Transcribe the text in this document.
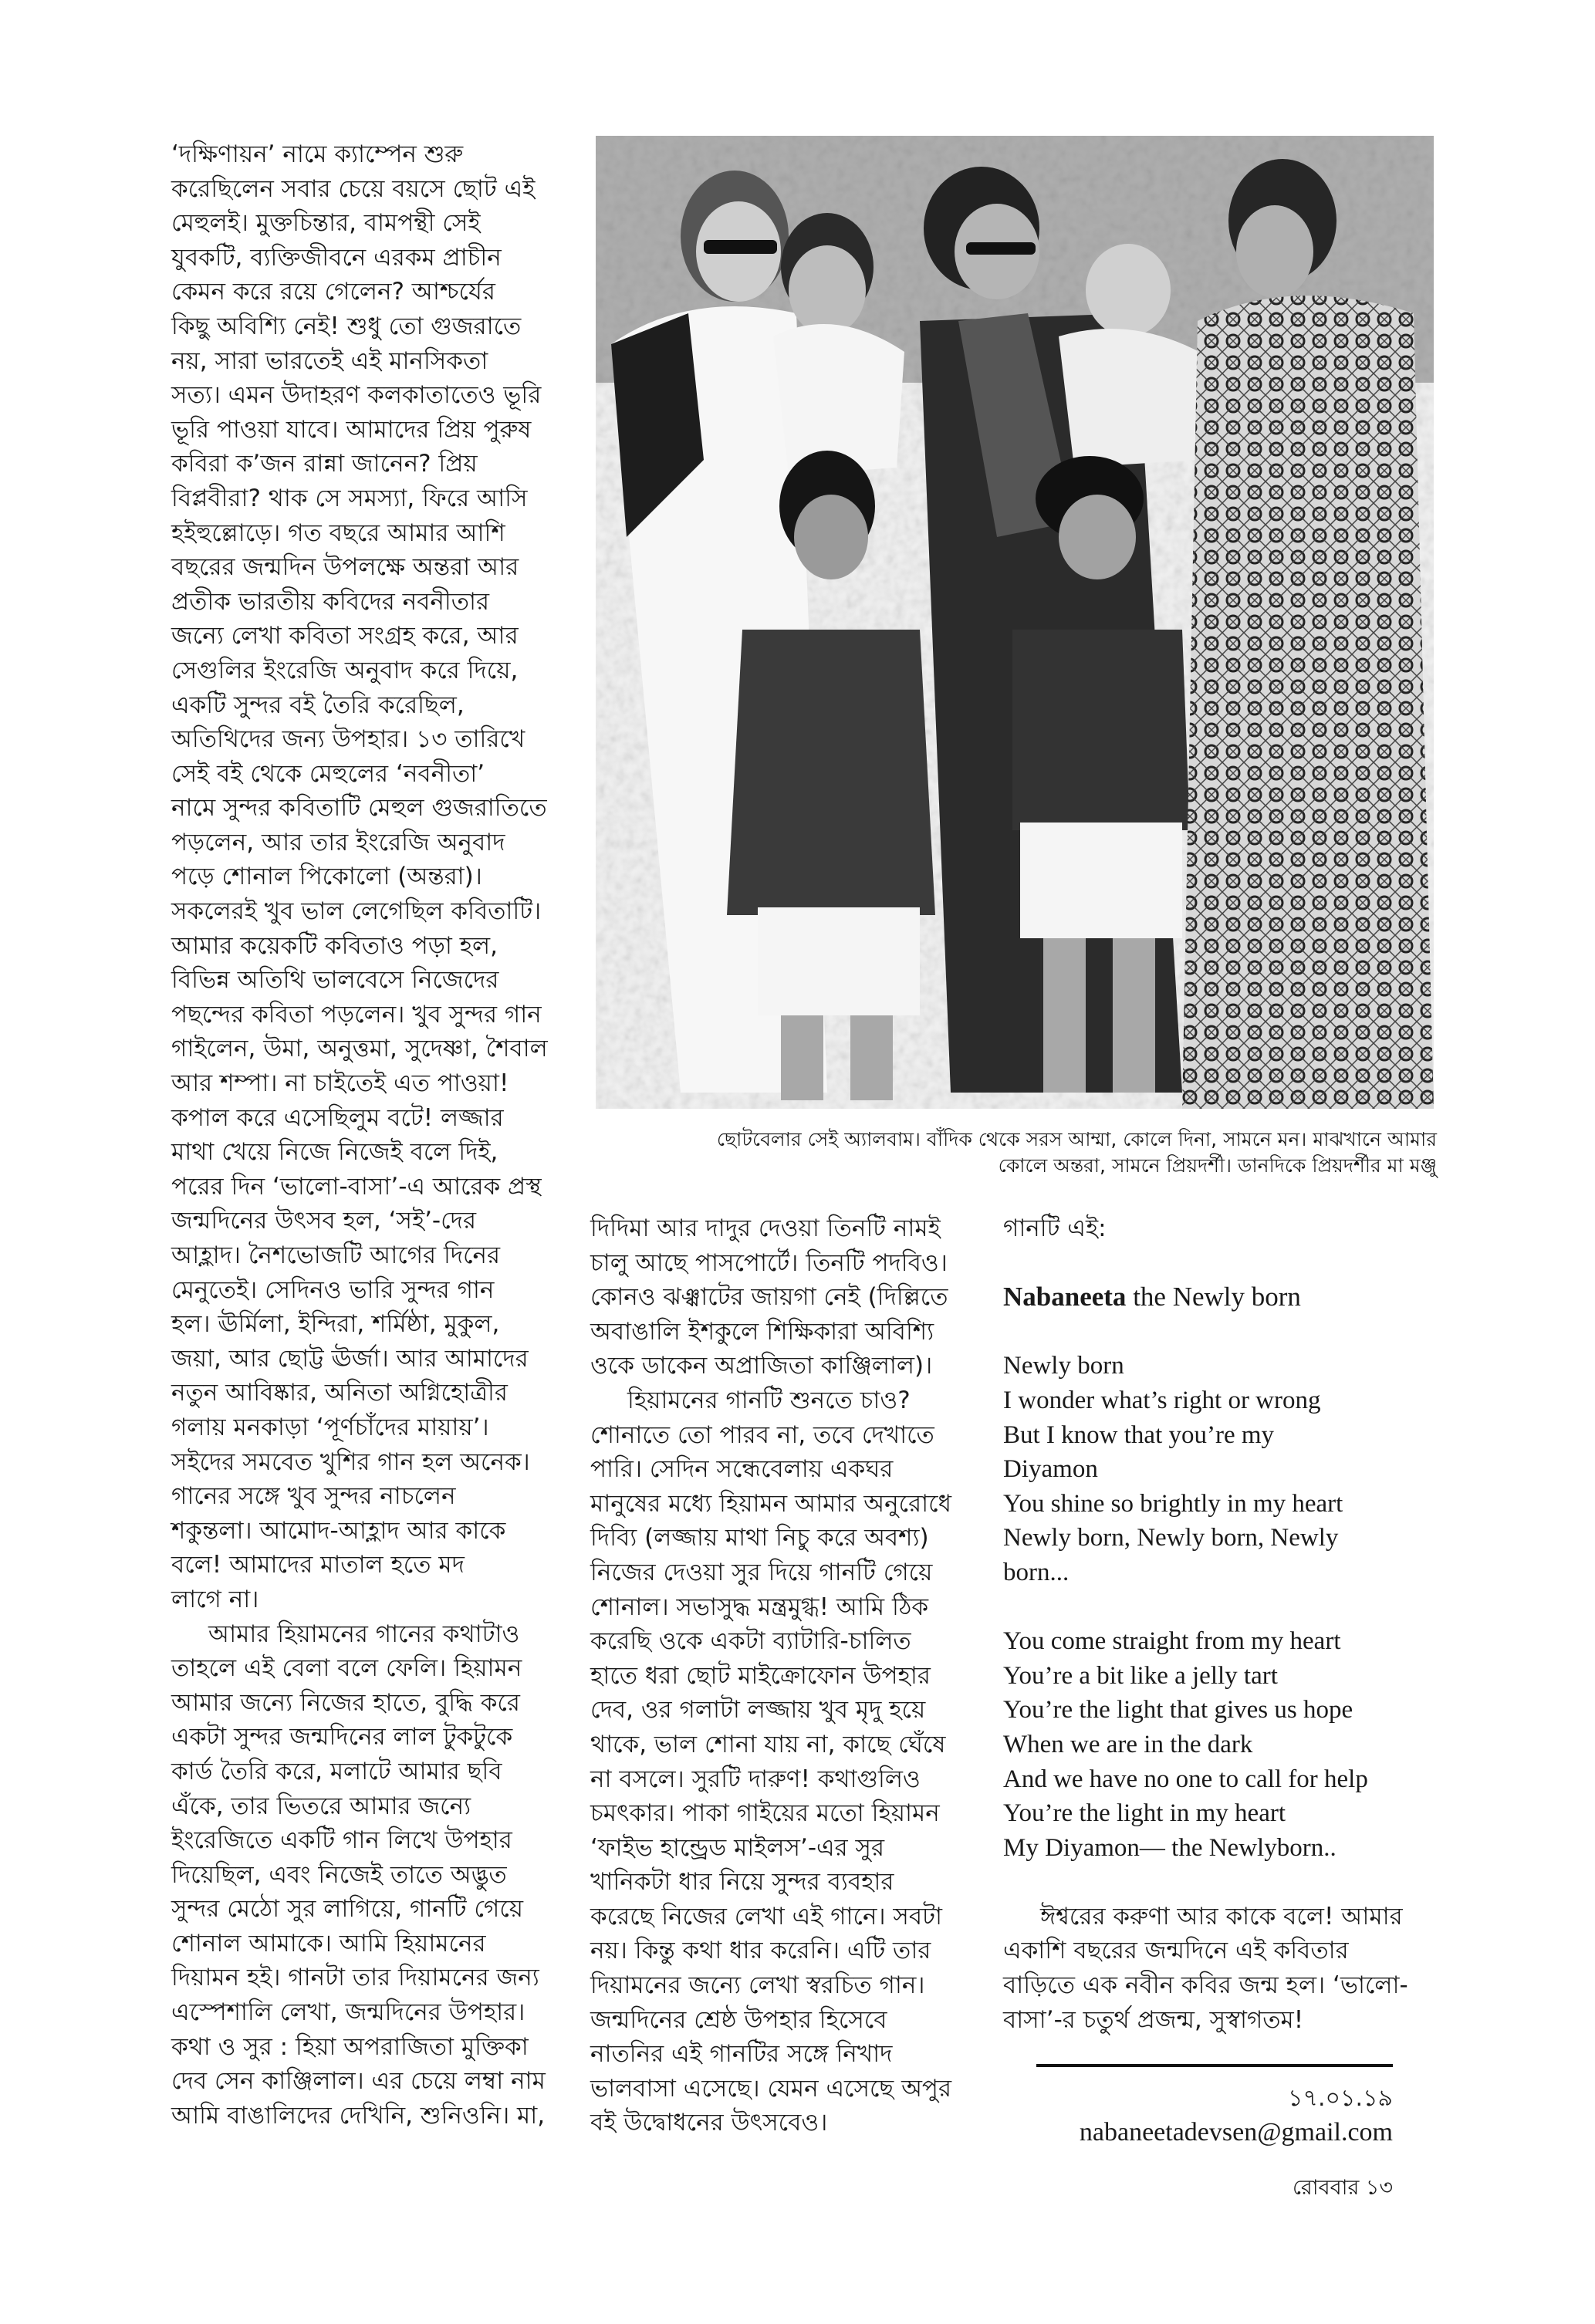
‘দক্ষিণায়ন’ নামে ক্যাম্পেন শুরু
করেছিলেন সবার চেয়ে বয়সে ছোট এই
মেহুলই। মুক্তচিন্তার, বামপন্থী সেই
যুবকটি, ব্যক্তিজীবনে এরকম প্রাচীন
কেমন করে রয়ে গেলেন? আশ্চর্যের
কিছু অবিশ্যি নেই! শুধু তো গুজরাতে
নয়, সারা ভারতেই এই মানসিকতা
সত্য। এমন উদাহরণ কলকাতাতেও ভূরি
ভূরি পাওয়া যাবে। আমাদের প্রিয় পুরুষ
কবিরা ক’জন রান্না জানেন? প্রিয়
বিপ্লবীরা? থাক সে সমস্যা, ফিরে আসি
হইহুল্লোড়ে। গত বছরে আমার আশি
বছরের জন্মদিন উপলক্ষে অন্তরা আর
প্রতীক ভারতীয় কবিদের নবনীতার
জন্যে লেখা কবিতা সংগ্রহ করে, আর
সেগুলির ইংরেজি অনুবাদ করে দিয়ে,
একটি সুন্দর বই তৈরি করেছিল,
অতিথিদের জন্য উপহার। ১৩ তারিখে
সেই বই থেকে মেহুলের ‘নবনীতা’
নামে সুন্দর কবিতাটি মেহুল গুজরাতিতে
পড়লেন, আর তার ইংরেজি অনুবাদ
পড়ে শোনাল পিকোলো (অন্তরা)।
সকলেরই খুব ভাল লেগেছিল কবিতাটি।
আমার কয়েকটি কবিতাও পড়া হল,
বিভিন্ন অতিথি ভালবেসে নিজেদের
পছন্দের কবিতা পড়লেন। খুব সুন্দর গান
গাইলেন, উমা, অনুত্তমা, সুদেষ্ণা, শৈবাল
আর শম্পা। না চাইতেই এত পাওয়া!
কপাল করে এসেছিলুম বটে! লজ্জার
মাথা খেয়ে নিজে নিজেই বলে দিই,
পরের দিন ‘ভালো-বাসা’-এ আরেক প্রস্থ
জন্মদিনের উৎসব হল, ‘সই’-দের
আহ্লাদ। নৈশভোজটি আগের দিনের
মেনুতেই। সেদিনও ভারি সুন্দর গান
হল। ঊর্মিলা, ইন্দিরা, শর্মিষ্ঠা, মুকুল,
জয়া, আর ছোট্ট ঊর্জা। আর আমাদের
নতুন আবিষ্কার, অনিতা অগ্নিহোত্রীর
গলায় মনকাড়া ‘পূর্ণচাঁদের মায়ায়’।
সইদের সমবেত খুশির গান হল অনেক।
গানের সঙ্গে খুব সুন্দর নাচলেন
শকুন্তলা। আমোদ-আহ্লাদ আর কাকে
বলে! আমাদের মাতাল হতে মদ
লাগে না।
আমার হিয়ামনের গানের কথাটাও
তাহলে এই বেলা বলে ফেলি। হিয়ামন
আমার জন্যে নিজের হাতে, বুদ্ধি করে
একটা সুন্দর জন্মদিনের লাল টুকটুকে
কার্ড তৈরি করে, মলাটে আমার ছবি
এঁকে, তার ভিতরে আমার জন্যে
ইংরেজিতে একটি গান লিখে উপহার
দিয়েছিল, এবং নিজেই তাতে অদ্ভুত
সুন্দর মেঠো সুর লাগিয়ে, গানটি গেয়ে
শোনাল আমাকে। আমি হিয়ামনের
দিয়ামন হই। গানটা তার দিয়ামনের জন্য
এস্পেশালি লেখা, জন্মদিনের উপহার।
কথা ও সুর : হিয়া অপরাজিতা মুক্তিকা
দেব সেন কাঞ্জিলাল। এর চেয়ে লম্বা নাম
আমি বাঙালিদের দেখিনি, শুনিওনি। মা,
ছোটবেলার সেই অ্যালবাম। বাঁদিক থেকে সরস আম্মা, কোলে দিনা, সামনে মন। মাঝখানে আমার
কোলে অন্তরা, সামনে প্রিয়দর্শী। ডানদিকে প্রিয়দর্শীর মা মঞ্জু
দিদিমা আর দাদুর দেওয়া তিনটি নামই
চালু আছে পাসপোর্টে। তিনটি পদবিও।
কোনও ঝঞ্ঝাটের জায়গা নেই (দিল্লিতে
অবাঙালি ইশকুলে শিক্ষিকারা অবিশ্যি
ওকে ডাকেন অপ্রাজিতা কাঞ্জিলাল)।
হিয়ামনের গানটি শুনতে চাও?
শোনাতে তো পারব না, তবে দেখাতে
পারি। সেদিন সন্ধেবেলায় একঘর
মানুষের মধ্যে হিয়ামন আমার অনুরোধে
দিব্যি (লজ্জায় মাথা নিচু করে অবশ্য)
নিজের দেওয়া সুর দিয়ে গানটি গেয়ে
শোনাল। সভাসুদ্ধ মন্ত্রমুগ্ধ! আমি ঠিক
করেছি ওকে একটা ব্যাটারি-চালিত
হাতে ধরা ছোট মাইক্রোফোন উপহার
দেব, ওর গলাটা লজ্জায় খুব মৃদু হয়ে
থাকে, ভাল শোনা যায় না, কাছে ঘেঁষে
না বসলে। সুরটি দারুণ! কথাগুলিও
চমৎকার। পাকা গাইয়ের মতো হিয়ামন
‘ফাইভ হান্ড্রেড মাইলস’-এর সুর
খানিকটা ধার নিয়ে সুন্দর ব্যবহার
করেছে নিজের লেখা এই গানে। সবটা
নয়। কিন্তু কথা ধার করেনি। এটি তার
দিয়ামনের জন্যে লেখা স্বরচিত গান।
জন্মদিনের শ্রেষ্ঠ উপহার হিসেবে
নাতনির এই গানটির সঙ্গে নিখাদ
ভালবাসা এসেছে। যেমন এসেছে অপুর
বই উদ্বোধনের উৎসবেও।
গানটি এই:
Nabaneeta the Newly born
Newly born
I wonder what’s right or wrong
But I know that you’re my
Diyamon
You shine so brightly in my heart
Newly born, Newly born, Newly
born...
You come straight from my heart
You’re a bit like a jelly tart
You’re the light that gives us hope
When we are in the dark
And we have no one to call for help
You’re the light in my heart
My Diyamon— the Newlyborn..
ঈশ্বরের করুণা আর কাকে বলে! আমার
একাশি বছরের জন্মদিনে এই কবিতার
বাড়িতে এক নবীন কবির জন্ম হল। ‘ভালো-
বাসা’-র চতুর্থ প্রজন্ম, সুস্বাগতম!
১৭.০১.১৯
nabaneetadevsen@gmail.com
রোববার ১৩
